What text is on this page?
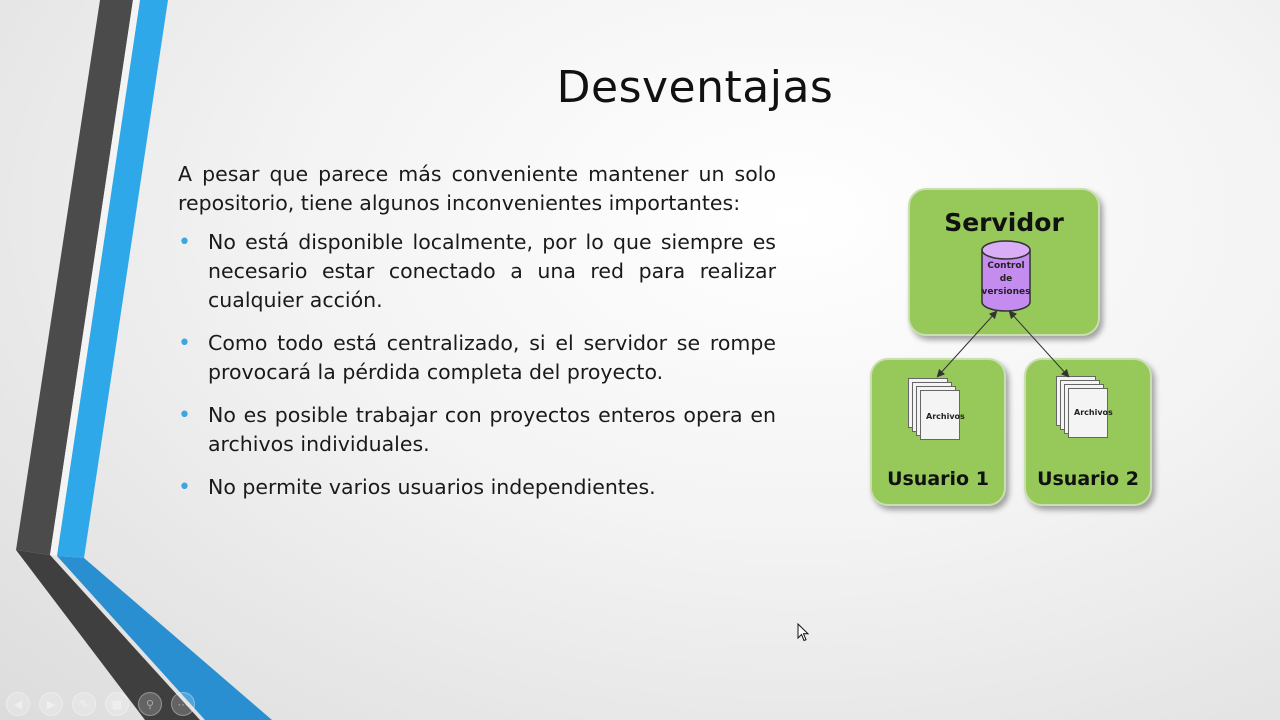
Desventajas

A pesar que parece más conveniente mantener un solo repositorio, tiene algunos inconvenientes importantes:

• No está disponible localmente, por lo que siempre es necesario estar conectado a una red para realizar cualquier acción.
• Como todo está centralizado, si el servidor se rompe provocará la pérdida completa del proyecto.
• No es posible trabajar con proyectos enteros opera en archivos individuales.
• No permite varios usuarios independientes.
Servidor
Control
de
versiones
Archivos
Usuario 1
Archivos
Usuario 2
◀	▶	✎	▦	⚲	⋯
